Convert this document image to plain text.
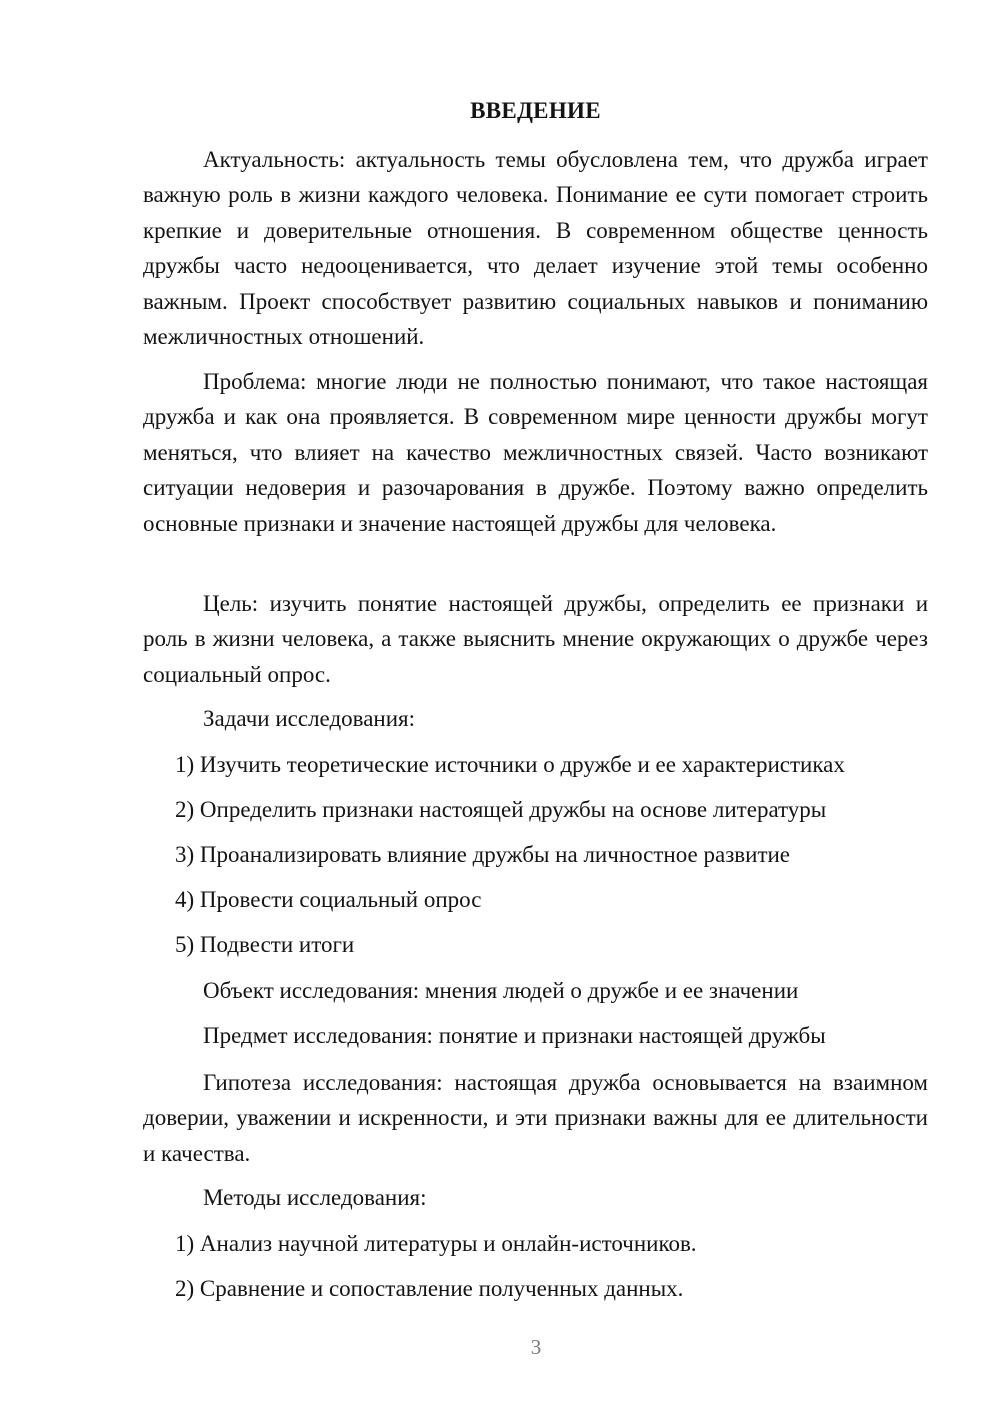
ВВЕДЕНИЕ

Актуальность: актуальность темы обусловлена тем, что дружба играет важную роль в жизни каждого человека. Понимание ее сути помогает строить крепкие и доверительные отношения. В современном обществе ценность дружбы часто недооценивается, что делает изучение этой темы особенно важным. Проект способствует развитию социальных навыков и пониманию межличностных отношений.

Проблема: многие люди не полностью понимают, что такое настоящая дружба и как она проявляется. В современном мире ценности дружбы могут меняться, что влияет на качество межличностных связей. Часто возникают ситуации недоверия и разочарования в дружбе. Поэтому важно определить основные признаки и значение настоящей дружбы для человека.

Цель: изучить понятие настоящей дружбы, определить ее признаки и роль в жизни человека, а также выяснить мнение окружающих о дружбе через социальный опрос.

Задачи исследования:

1) Изучить теоретические источники о дружбе и ее характеристиках

2) Определить признаки настоящей дружбы на основе литературы

3) Проанализировать влияние дружбы на личностное развитие

4) Провести социальный опрос

5) Подвести итоги

Объект исследования: мнения людей о дружбе и ее значении

Предмет исследования: понятие и признаки настоящей дружбы

Гипотеза исследования: настоящая дружба основывается на взаимном доверии, уважении и искренности, и эти признаки важны для ее длительности и качества.

Методы исследования:

1) Анализ научной литературы и онлайн-источников.

2) Сравнение и сопоставление полученных данных.

3
